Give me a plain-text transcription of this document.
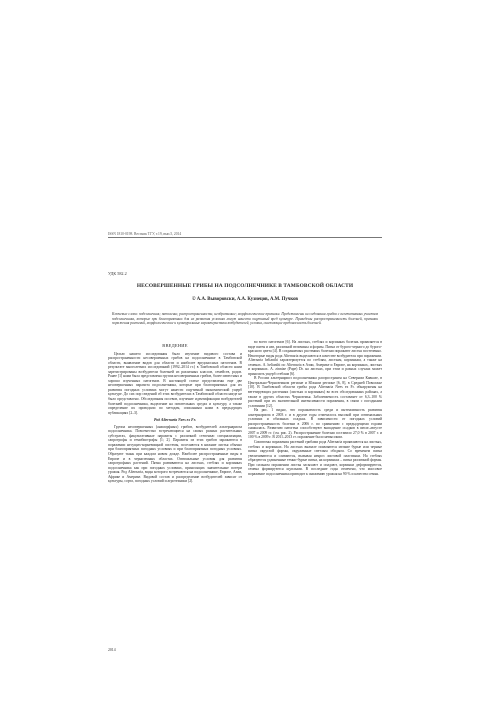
ISSN 1810-0198. Вестник ТГУ, т.19, вып.5, 2014
УДК 582.2
НЕСОВЕРШЕННЫЕ ГРИБЫ НА ПОДСОЛНЕЧНИКЕ В ТАМБОВСКОЙ ОБЛАСТИ
© А.А. Выворовски, А.А. Кузнецов, А.М. Пучков
Ключевые слова: подсолнечник; патогены; распространенность; необратимые; морфологические признаки. Представлены исследования грибов с вегетативных участков подсолнечника, которые при благоприятных для их развития условиях могут нанести ощутимый вред культуре. Приведены распространенность болезней, признаки поражения растений, морфологические и культуральные характеристики возбудителей, условия, снижающие вредоносность болезней.
ВВЕДЕНИЕ

Целью нашего исследования было изучение видового состава и распространенности несовершенных грибов на подсолнечнике в Тамбовской области, выявление видов для области и наиболее вредоносных патогенов. В результате многолетних исследований (1992–2014 гг.) в Тамбовской области нами зарегистрированы возбудители болезней из различных классов, семейств, родов. Ранее [1] нами была представлена группа несовершенных грибов, более известных и хорошо изученных патогенов. В настоящей статье представлены еще две несовершенных паразита подсолнечника, которые при благоприятных для их развития погодных условиях могут нанести ощутимый экономический ущерб культуре. До сих пор сведений об этих возбудителях в Тамбовской области нигде не было представлено. Обследования посевов, изучение идентификации возбудителей болезней подсолнечника, выделение на питательных средах и культуру, а также определение их проводили по методам, описанным нами в предыдущих публикациях [2–3].

Род Alternaria Nees ex Fr.

Группа несовершенных (анаморфных) грибов, возбудителей альтернариоза подсолнечника. Повсеместно встречающиеся на самых разных растительных субстратах, факультативные паразиты с различной степенью специализации, сапротрофы и гемибиотрофы [1; 2]. Паразиты из этих грибов заражаются в поражении несущих-корневищной системы, поселяются в нижние листья обычно при благоприятных погодных условиях и при благоприятных погодных условиях. Образуют ткань при каждом новом дожде. Наиболее распространенные виды в Европе и в черноземных областях. Оптимальные условия для развития сапротрофных растений. Пятна развиваются на листьях, стеблях и корзинках подсолнечника как при погодных условиях, приносящих значительные потери урожая. Род Alternaria, виды которого встречаются на подсолнечнике, Европе, Азии, Африке и Америке. Видовой состав и распределение возбудителей зависят от культуры, сорта, погодных условий и агротехники [2].

во всего патогенов [6]. На листьях, стеблях и корзинках болезнь проявляется в виде пятен и язв, различной величины и формы. Пятна от бурого-черного до бурого-красного цвета [4]. В сохраняемых растениях болезни поражают листья постепенно. Некоторые виды рода Alternaria выделяются в качестве возбудителя при поражении. Alternaria helianthi характеризуется по стеблям, листьям, корзинкам, а также на семенах. A. helianthi по Alternaria в Азии, Америке и Европе, на корзинках, листьях и корзинках. A. zinniae (Pape) Dr. на листьях, при этом и разных случаях может приносить ущерб стеблям [6].

В России альтернариоз подсолнечника распространен на Северном Кавказе, в Центрально-Черноземном регионе и Южном регионе [6, 8], в Средней Поволжье [10]. В Тамбовской области грибы рода Alternaria Nees ex Fr. обнаружены на вегетирующих растениях (листьях и корзинках) во всех обследованных районах, а также в других областях Черноземья. Заболеваемость составляет от 6,3–100 % растений при их значительной интенсивности поражения, в связи с погодными условиями [12].

На рис. 1 видно, что поражаемость среди и интенсивность развития альтернариоза в 2003 г. и в другие годы отмечалось высокой при оптимальных условиях и обильных осадках. В зависимости от погодных условий распространенность болезни в 2006 г. по сравнению с предыдущими годами снижалась. Развитию патогена способствуют выпадение осадков в июле–августе 2007 и 2009 гг. (см. рис. 2). Распространение болезни составило 27,0 % в 2007 г. и 100 % в 2009 г. В 2011–2013 гг. поражение было невысоким.

Симптомы поражения растений грибами рода Alternaria проявляются на листьях, стеблях и корзинках. На листьях вначале появляются мелкие бурые или черные пятна округлой формы, окруженные светлым ободком. Со временем пятна увеличиваются и сливаются, вызывая некроз листовой пластинки. На стеблях образуются удлиненные темно-бурые пятна, на корзинках – пятна различной формы. При сильном поражении листья засыхают и опадают, корзинки деформируются, семена формируются щуплыми. В последние годы отмечено, что массовое поражение подсолнечника приводит к снижению урожая на 90 % и качества семян.

2014
